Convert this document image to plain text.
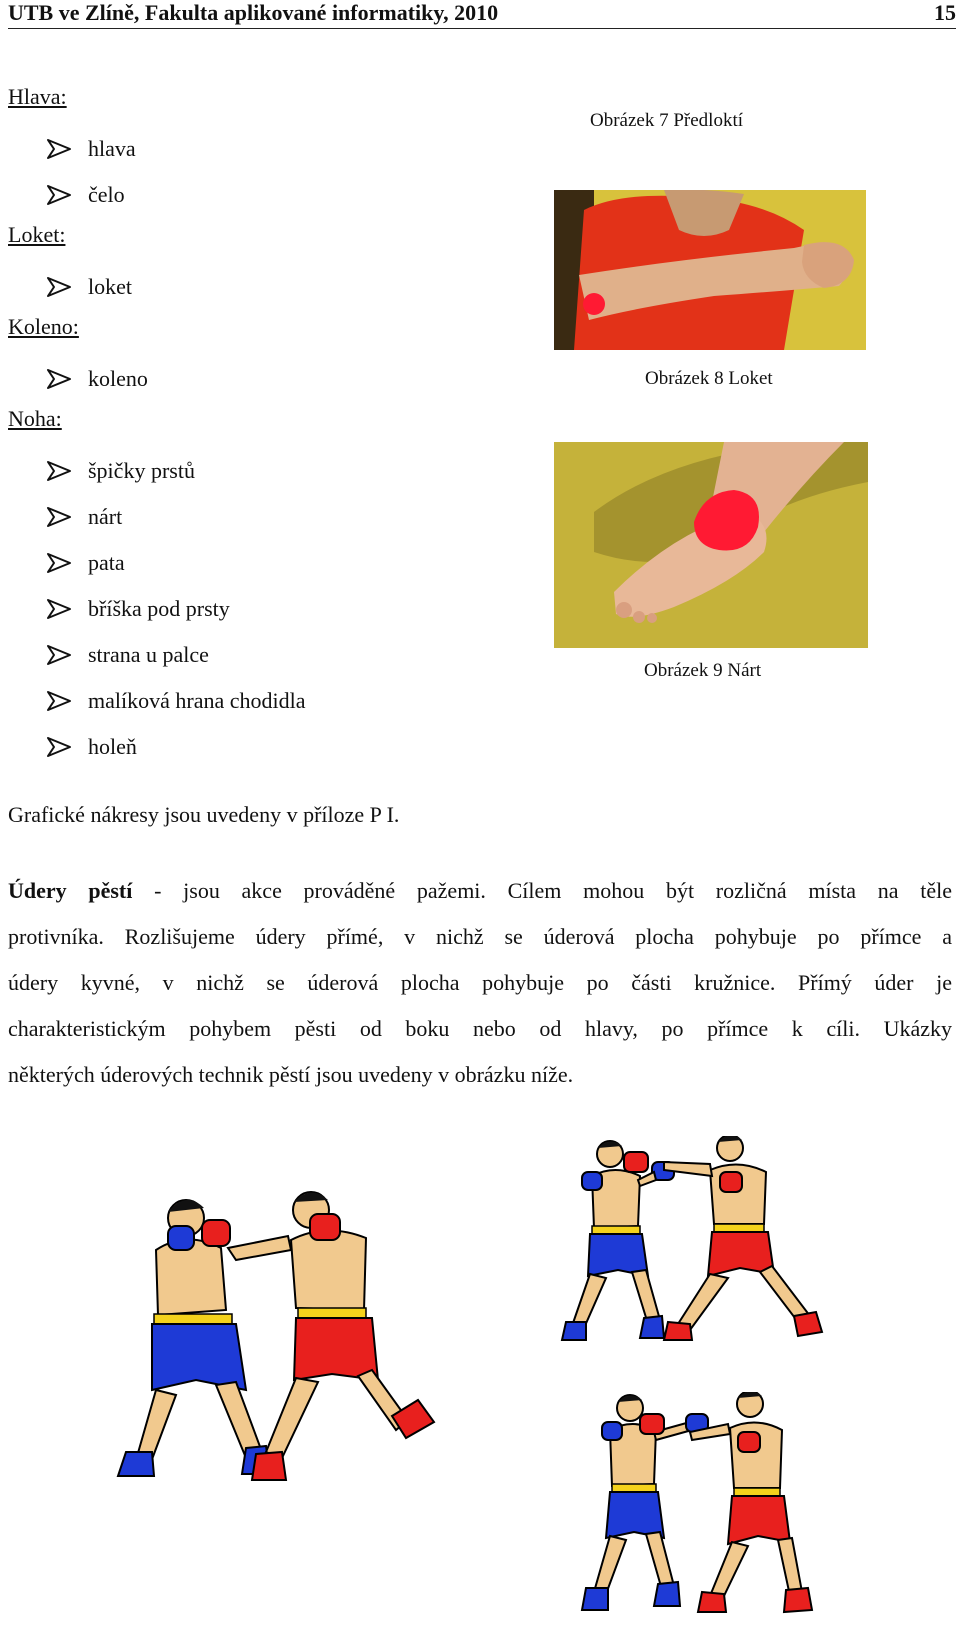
UTB ve Zlíně, Fakulta aplikované informatiky, 2010	15
Hlava:
hlava
čelo
Loket:
loket
Koleno:
koleno
Noha:
špičky prstů
nárt
pata
bříška pod prsty
strana u palce
malíková hrana chodidla
holeň
Obrázek 7 Předloktí
Obrázek 8 Loket
Obrázek 9 Nárt
Grafické nákresy jsou uvedeny v příloze P I.
Údery pěstí - jsou akce prováděné pažemi. Cílem mohou být rozličná místa na těle
protivníka. Rozlišujeme údery přímé, v nichž se úderová plocha pohybuje po přímce a
údery kyvné, v nichž se úderová plocha pohybuje po části kružnice. Přímý úder je
charakteristickým pohybem pěsti od boku nebo od hlavy, po přímce k cíli. Ukázky
některých úderových technik pěstí jsou uvedeny v obrázku níže.
